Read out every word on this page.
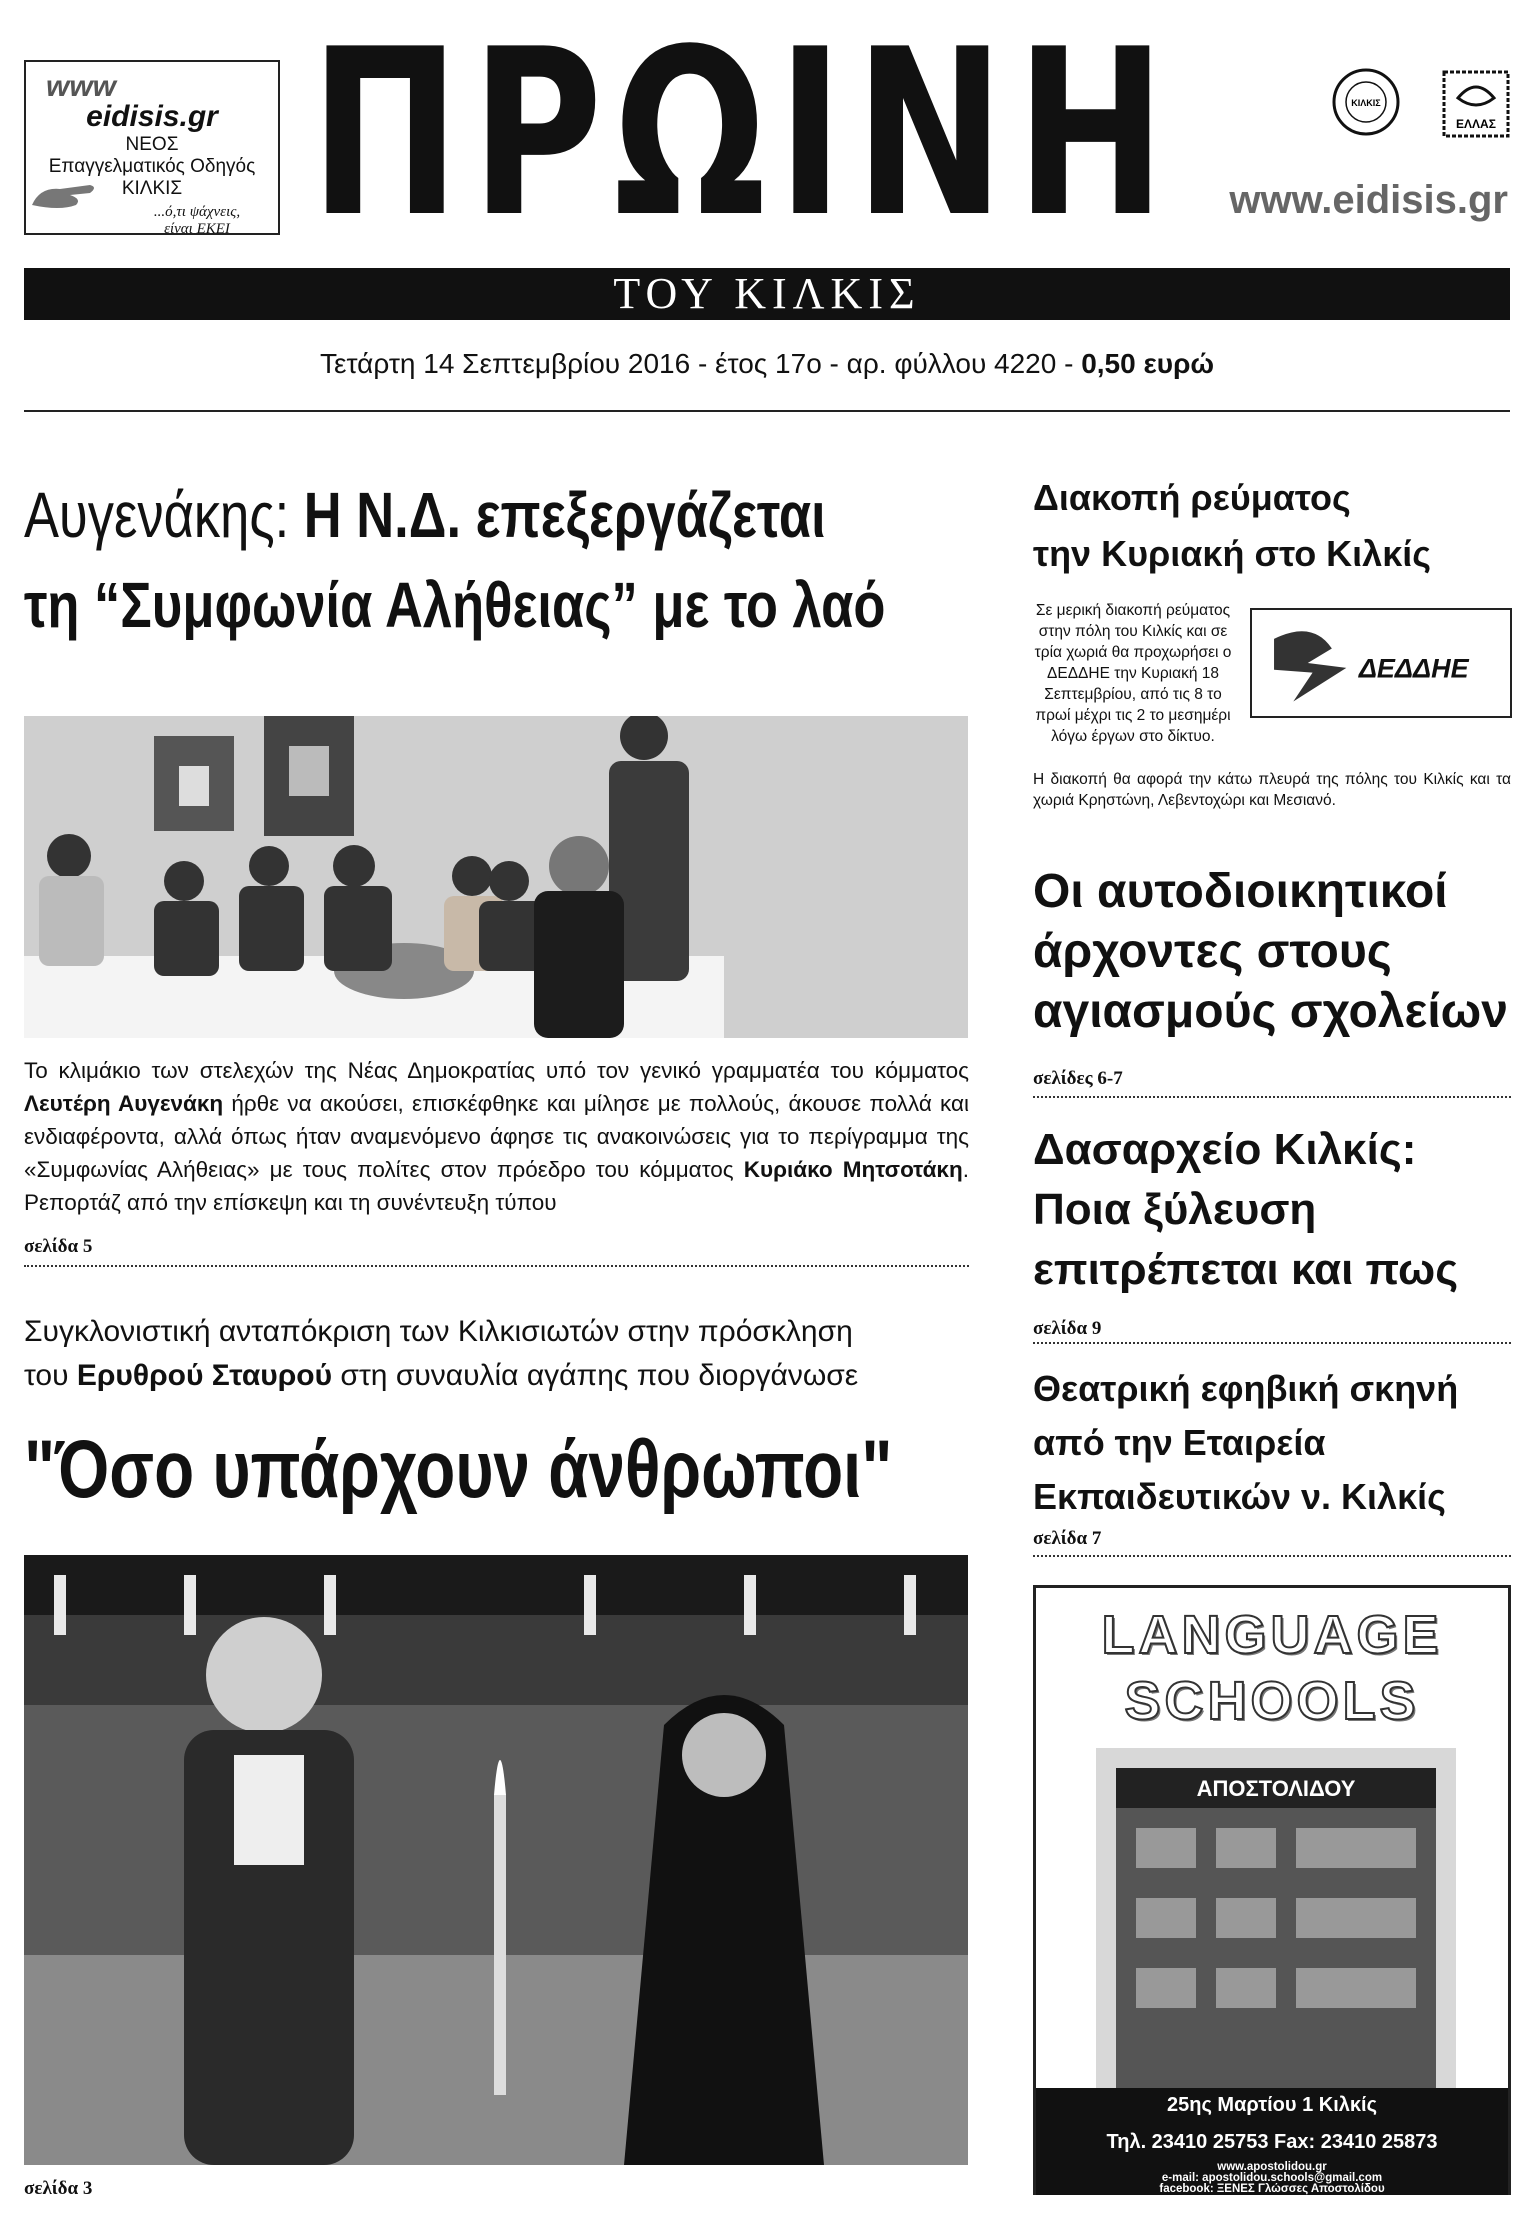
www
eidisis.gr
ΝΕΟΣ
Επαγγελματικός Οδηγός
ΚΙΛΚΙΣ
...ό,τι ψάχνεις,
είναι ΕΚΕΙ ΠΡΩΙΝΗ	ΚΙΛΚΙΣ
ΕΛΛΑΣ
www.eidisis.gr
ΤΟΥ ΚΙΛΚΙΣ
Τετάρτη 14 Σεπτεμβρίου 2016 - έτος 17ο - αρ. φύλλου 4220 - 0,50 ευρώ
Αυγενάκης: Η Ν.Δ. επεξεργάζεται
τη “Συμφωνία Αλήθειας” με το λαό
Το κλιμάκιο των στελεχών της Νέας Δημοκρατίας υπό τον γενικό γραμματέα του κόμματος Λευτέρη Αυγενάκη ήρθε να ακούσει, επισκέφθηκε και μίλησε με πολλούς, άκουσε πολλά και ενδιαφέροντα, αλλά όπως ήταν αναμενόμενο άφησε τις ανακοινώσεις για το περίγραμμα της «Συμφωνίας Αλήθειας» με τους πολίτες στον πρόεδρο του κόμματος Κυριάκο Μητσοτάκη. Ρεπορτάζ από την επίσκεψη και τη συνέντευξη τύπου
σελίδα 5
Συγκλονιστική ανταπόκριση των Κιλκισιωτών στην πρόσκληση
του Ερυθρού Σταυρού στη συναυλία αγάπης που διοργάνωσε
"Όσο υπάρχουν άνθρωποι"
σελίδα 3
Διακοπή ρεύματος
την Κυριακή στο Κιλκίς
Σε μερική διακοπή ρεύματος στην πόλη του Κιλκίς και σε τρία χωριά θα προχωρήσει ο ΔΕΔΔΗΕ την Κυριακή 18 Σεπτεμβρίου, από τις 8 το πρωί μέχρι τις 2 το μεσημέρι λόγω έργων στο δίκτυο.
ΔΕΔΔΗΕ
Η διακοπή θα αφορά την κάτω πλευρά της πόλης του Κιλκίς και τα χωριά Κρηστώνη, Λεβεντοχώρι και Μεσιανό.
Οι αυτοδιοικητικοί
άρχοντες στους
αγιασμούς σχολείων
σελίδες 6-7
Δασαρχείο Κιλκίς:
Ποια ξύλευση
επιτρέπεται και πως
σελίδα 9
Θεατρική εφηβική σκηνή
από την Εταιρεία
Εκπαιδευτικών ν. Κιλκίς
σελίδα 7
LANGUAGE
SCHOOLS
ΑΠΟΣΤΟΛΙΔΟΥ
25ης Μαρτίου 1 Κιλκίς
Τηλ. 23410 25753 Fax: 23410 25873
www.apostolidou.gr
e-mail: apostolidou.schools@gmail.com
facebook: ΞΕΝΕΣ Γλώσσες Αποστολίδου
